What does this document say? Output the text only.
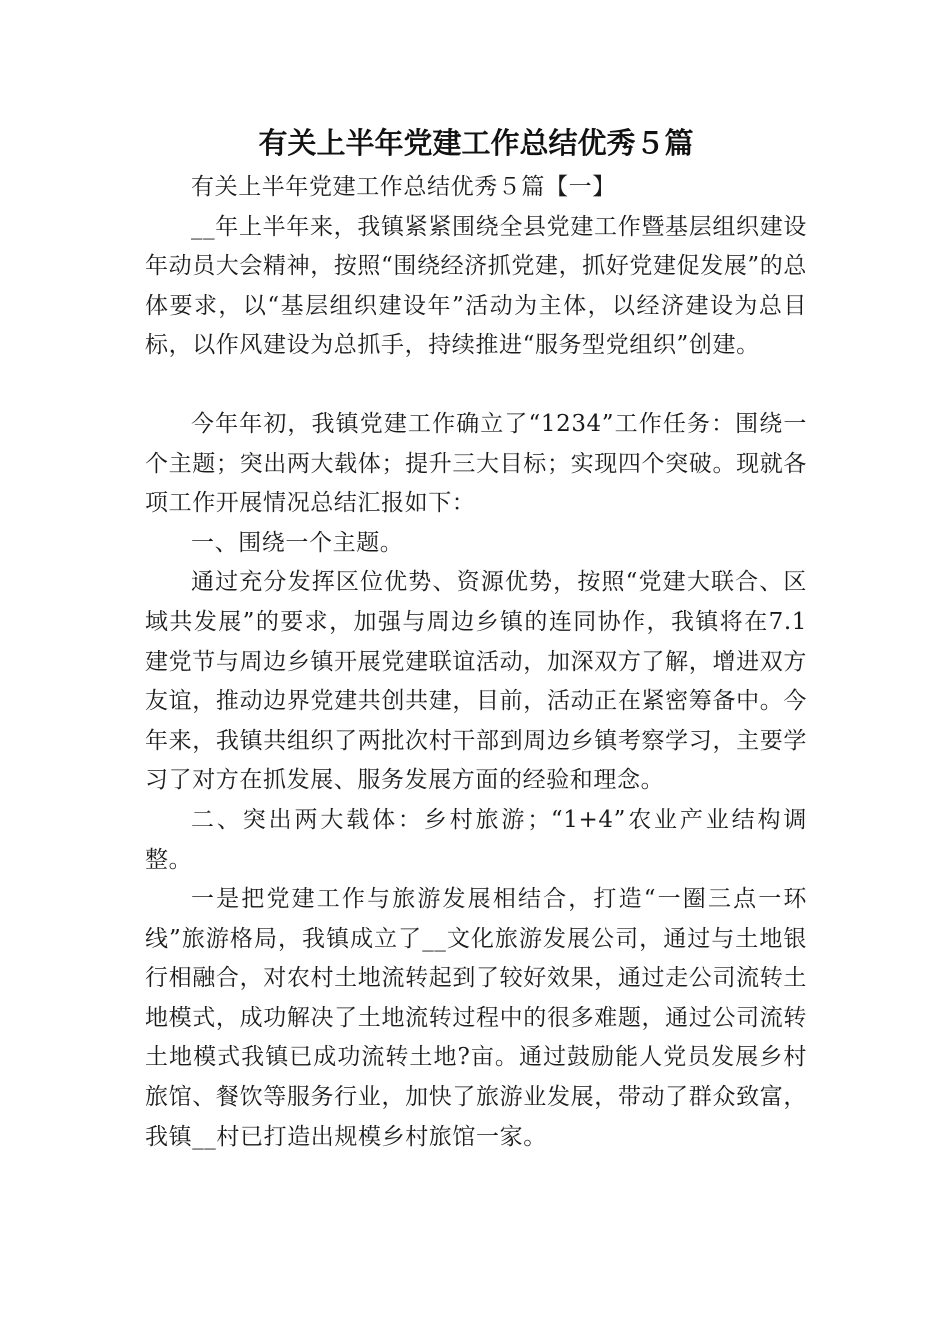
有关上半年党建工作总结优秀５篇

有关上半年党建工作总结优秀５篇【一】

__年上半年来，我镇紧紧围绕全县党建工作暨基层组织建设年动员大会精神，按照“围绕经济抓党建，抓好党建促发展”的总体要求，以“基层组织建设年”活动为主体，以经济建设为总目标，以作风建设为总抓手，持续推进“服务型党组织”创建。

今年年初，我镇党建工作确立了“1234”工作任务：围绕一个主题；突出两大载体；提升三大目标；实现四个突破。现就各项工作开展情况总结汇报如下：

一、围绕一个主题。

通过充分发挥区位优势、资源优势，按照“党建大联合、区域共发展”的要求，加强与周边乡镇的连同协作，我镇将在7.1建党节与周边乡镇开展党建联谊活动，加深双方了解，增进双方友谊，推动边界党建共创共建，目前，活动正在紧密筹备中。今年来，我镇共组织了两批次村干部到周边乡镇考察学习，主要学习了对方在抓发展、服务发展方面的经验和理念。

二、突出两大载体：乡村旅游；“1+4”农业产业结构调整。

一是把党建工作与旅游发展相结合，打造“一圈三点一环线”旅游格局，我镇成立了__文化旅游发展公司，通过与土地银行相融合，对农村土地流转起到了较好效果，通过走公司流转土地模式，成功解决了土地流转过程中的很多难题，通过公司流转土地模式我镇已成功流转土地?亩。通过鼓励能人党员发展乡村旅馆、餐饮等服务行业，加快了旅游业发展，带动了群众致富，我镇__村已打造出规模乡村旅馆一家。
